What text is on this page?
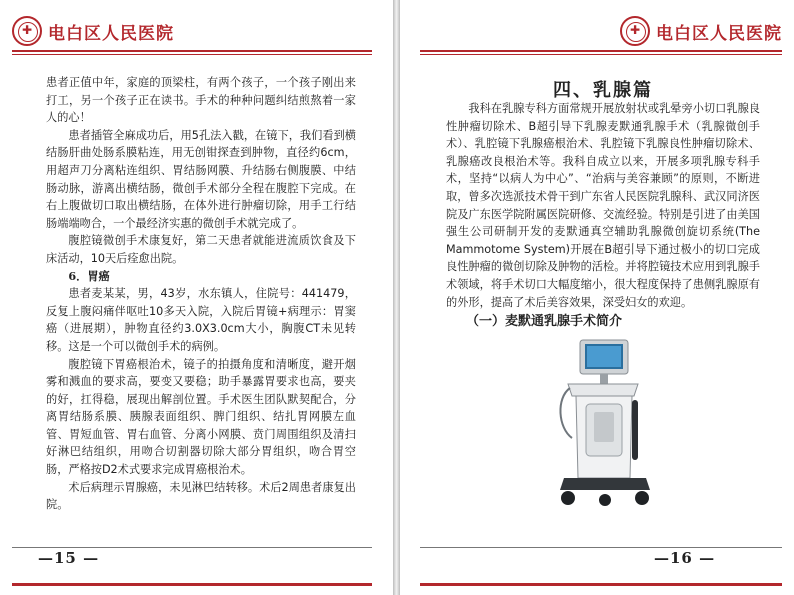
✚
电白区人民医院

患者正值中年，家庭的顶梁柱，有两个孩子，一个孩子刚出来打工，另一个孩子正在读书。手术的种种问题纠结煎熬着一家人的心！

患者插管全麻成功后，用5孔法入戳，在镜下，我们看到横结肠肝曲处肠系膜粘连，用无创钳探查到肿物，直径约6cm，用超声刀分离粘连组织、胃结肠网膜、升结肠右侧腹膜、中结肠动脉，游离出横结肠，微创手术部分全程在腹腔下完成。在右上腹做切口取出横结肠，在体外进行肿瘤切除，用手工行结肠端端吻合，一个最经济实惠的微创手术就完成了。

腹腔镜微创手术康复好，第二天患者就能进流质饮食及下床活动，10天后痊愈出院。

6．胃癌

患者麦某某，男，43岁，水东镇人，住院号：441479，反复上腹闷痛伴呕吐10多天入院，入院后胃镜+病理示：胃窦癌（进展期），肿物直径约3.0X3.0cm大小，胸腹CT未见转移。这是一个可以微创手术的病例。

腹腔镜下胃癌根治术，镜子的拍摄角度和清晰度，避开烟雾和溅血的要求高，要变又要稳；助手暴露胃要求也高，要夹的好，扛得稳，展现出解剖位置。手术医生团队默契配合，分离胃结肠系膜、胰腺表面组织、脾门组织、结扎胃网膜左血管、胃短血管、胃右血管、分离小网膜、贲门周围组织及清扫好淋巴结组织，用吻合切割器切除大部分胃组织，吻合胃空肠，严格按D2术式要求完成胃癌根治术。

术后病理示胃腺癌，未见淋巴结转移。术后2周患者康复出院。

—15 —
✚
电白区人民医院
四、乳腺篇

我科在乳腺专科方面常规开展放射状或乳晕旁小切口乳腺良性肿瘤切除术、B超引导下乳腺麦默通乳腺手术（乳腺微创手术）、乳腔镜下乳腺癌根治术、乳腔镜下乳腺良性肿瘤切除术、乳腺癌改良根治术等。我科自成立以来，开展多项乳腺专科手术，坚持“以病人为中心”、“治病与美容兼顾”的原则，不断进取，曾多次选派技术骨干到广东省人民医院乳腺科、武汉同济医院及广东医学院附属医院研修、交流经验。特别是引进了由美国强生公司研制开发的麦默通真空辅助乳腺微创旋切系统(The Mammotome System)开展在B超引导下通过极小的切口完成良性肿瘤的微创切除及肿物的活检。并将腔镜技术应用到乳腺手术领域，将手术切口大幅度缩小，很大程度保持了患侧乳腺原有的外形，提高了术后美容效果，深受妇女的欢迎。

（一）麦默通乳腺手术简介
—16 —
